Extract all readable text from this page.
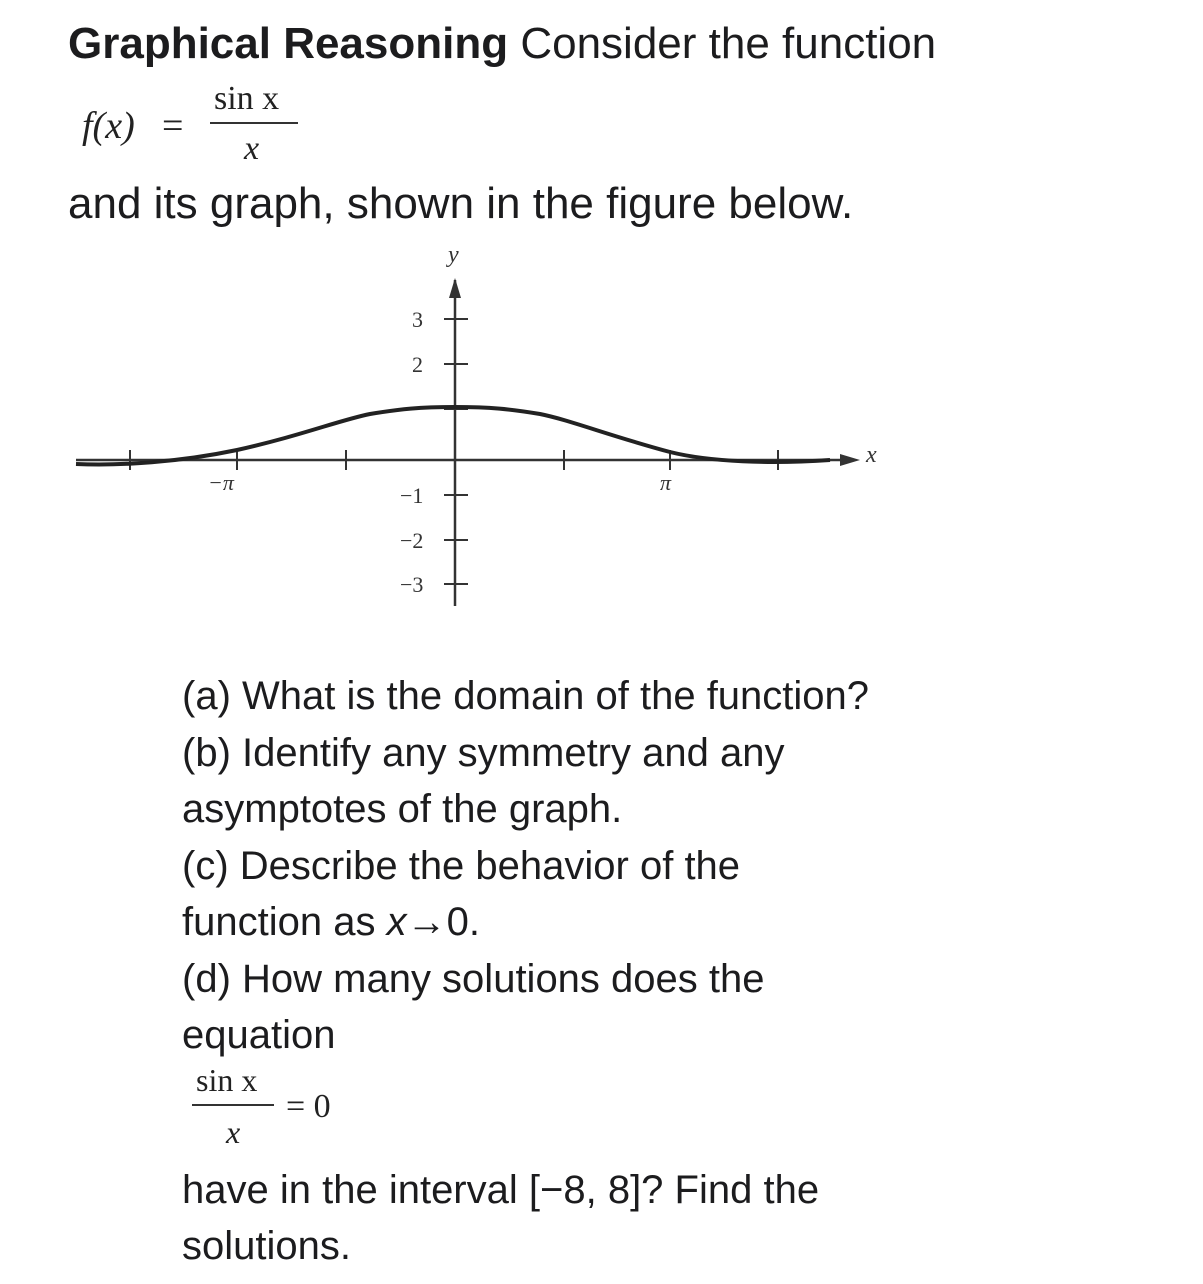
Graphical Reasoning Consider the function
f(x) =
sin x
x
and its graph, shown in the figure below.
y
x
3
2
−1
−2
−3
−π	π
(a) What is the domain of the function?
(b) Identify any symmetry and any
asymptotes of the graph.
(c) Describe the behavior of the
function as x→0.
(d) How many solutions does the
equation
sin x
x
= 0
have in the interval [−8, 8]? Find the
solutions.
